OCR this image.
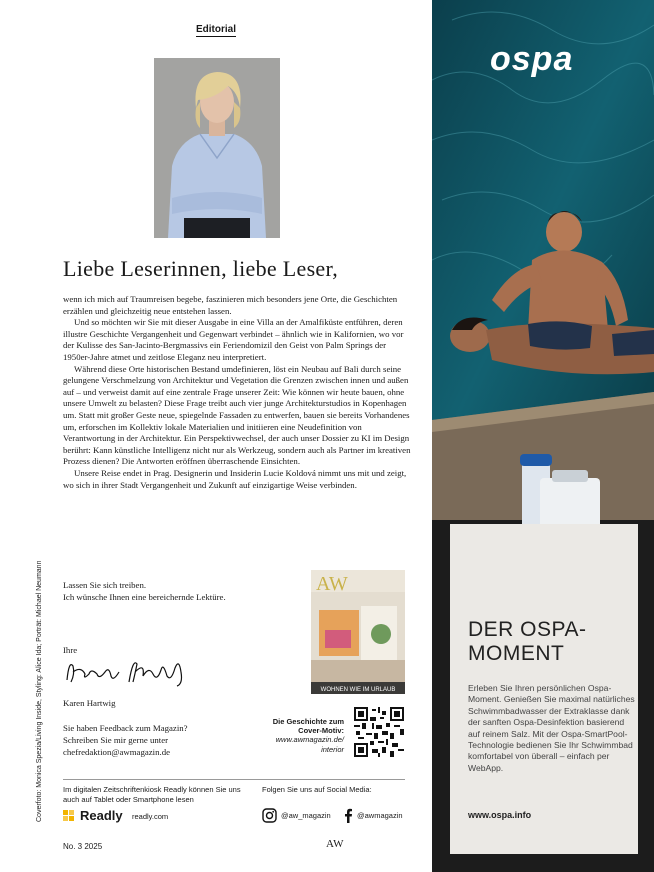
Editorial
Liebe Leserinnen, liebe Leser,

wenn ich mich auf Traumreisen begebe, faszinieren mich besonders jene Orte, die Geschichten erzählen und gleichzeitig neue entstehen lassen.

Und so möchten wir Sie mit dieser Ausgabe in eine Villa an der Amalfiküste entführen, deren illustre Geschichte Vergangenheit und Gegenwart verbindet – ähnlich wie in Kalifornien, wo vor der Kulisse des San-Jacinto-Bergmassivs ein Feriendomizil den Geist von Palm Springs der 1950er-Jahre atmet und zeitlose Eleganz neu interpretiert.

Während diese Orte historischen Bestand umdefinieren, löst ein Neubau auf Bali durch seine gelungene Verschmelzung von Architektur und Vegetation die Grenzen zwischen innen und außen auf – und verweist damit auf eine zentrale Frage unserer Zeit: Wie können wir heute bauen, ohne unsere Umwelt zu belasten? Diese Frage treibt auch vier junge Architekturstudios in Kopenhagen um. Statt mit großer Geste neue, spiegelnde Fassaden zu entwerfen, bauen sie bereits Vorhandenes um, erforschen im Kollektiv lokale Materialien und initiieren eine Neudefinition von Verantwortung in der Architektur. Ein Perspektivwechsel, der auch unser Dossier zu KI im Design berührt: Kann künstliche Intelligenz nicht nur als Werkzeug, sondern auch als Partner im kreativen Prozess dienen? Die Antworten eröffnen überraschende Einsichten.

Unsere Reise endet in Prag. Designerin und Insiderin Lucie Koldová nimmt uns mit und zeigt, wo sich in ihrer Stadt Vergangenheit und Zukunft auf einzigartige Weise verbinden.

Lassen Sie sich treiben.
Ich wünsche Ihnen eine bereichernde Lektüre.
Ihre
Karen Hartwig
Sie haben Feedback zum Magazin?
Schreiben Sie mir gerne unter
chefredaktion@awmagazin.de
AW
WOHNEN WIE IM URLAUB
Die Geschichte zum Cover-Motiv:
www.awmagazin.de/ interior
Im digitalen Zeitschriftenkiosk Readly können Sie uns auch auf Tablet oder Smartphone lesen
Readly readly.com
Folgen Sie uns auf Social Media:
@aw_magazin	@awmagazin
No. 3 2025	AW
Coverfoto: Monica Spezia/Living Inside, Styling: Alice Ida; Porträt: Michael Neumann
ospa
DER OSPA-
MOMENT
Erleben Sie Ihren persönlichen Ospa-Moment. Genießen Sie maximal natürliches Schwimmbadwasser der Extraklasse dank der sanften Ospa-Desinfektion basierend auf reinem Salz. Mit der Ospa-SmartPool-Technologie bedienen Sie Ihr Schwimmbad komfortabel von überall – einfach per WebApp.
www.ospa.info
